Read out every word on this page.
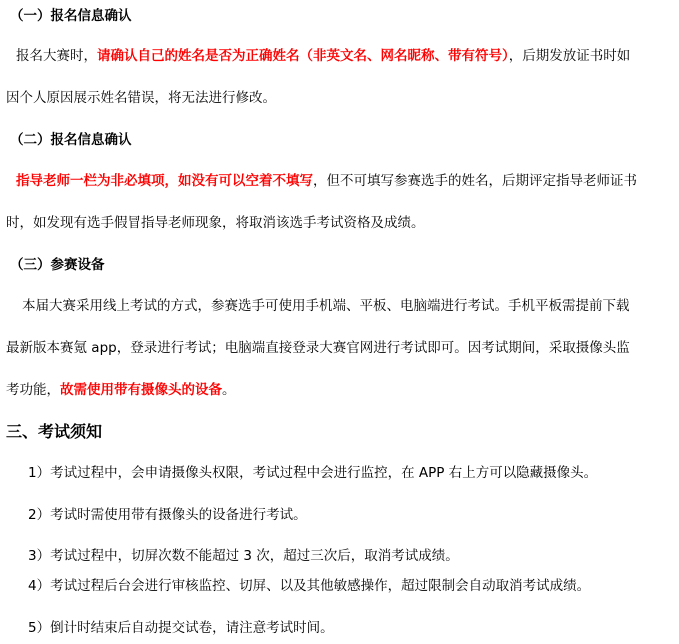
（一）报名信息确认
报名大赛时，请确认自己的姓名是否为正确姓名（非英文名、网名昵称、带有符号），后期发放证书时如
因个人原因展示姓名错误，将无法进行修改。
（二）报名信息确认
指导老师一栏为非必填项，如没有可以空着不填写，但不可填写参赛选手的姓名，后期评定指导老师证书
时，如发现有选手假冒指导老师现象，将取消该选手考试资格及成绩。
（三）参赛设备
本届大赛采用线上考试的方式，参赛选手可使用手机端、平板、电脑端进行考试。手机平板需提前下载
最新版本赛氪 app，登录进行考试；电脑端直接登录大赛官网进行考试即可。因考试期间，采取摄像头监
考功能，故需使用带有摄像头的设备。
三、考试须知
1）考试过程中，会申请摄像头权限，考试过程中会进行监控，在 APP 右上方可以隐藏摄像头。
2）考试时需使用带有摄像头的设备进行考试。
3）考试过程中，切屏次数不能超过 3 次，超过三次后，取消考试成绩。
4）考试过程后台会进行审核监控、切屏、以及其他敏感操作，超过限制会自动取消考试成绩。
5）倒计时结束后自动提交试卷，请注意考试时间。
